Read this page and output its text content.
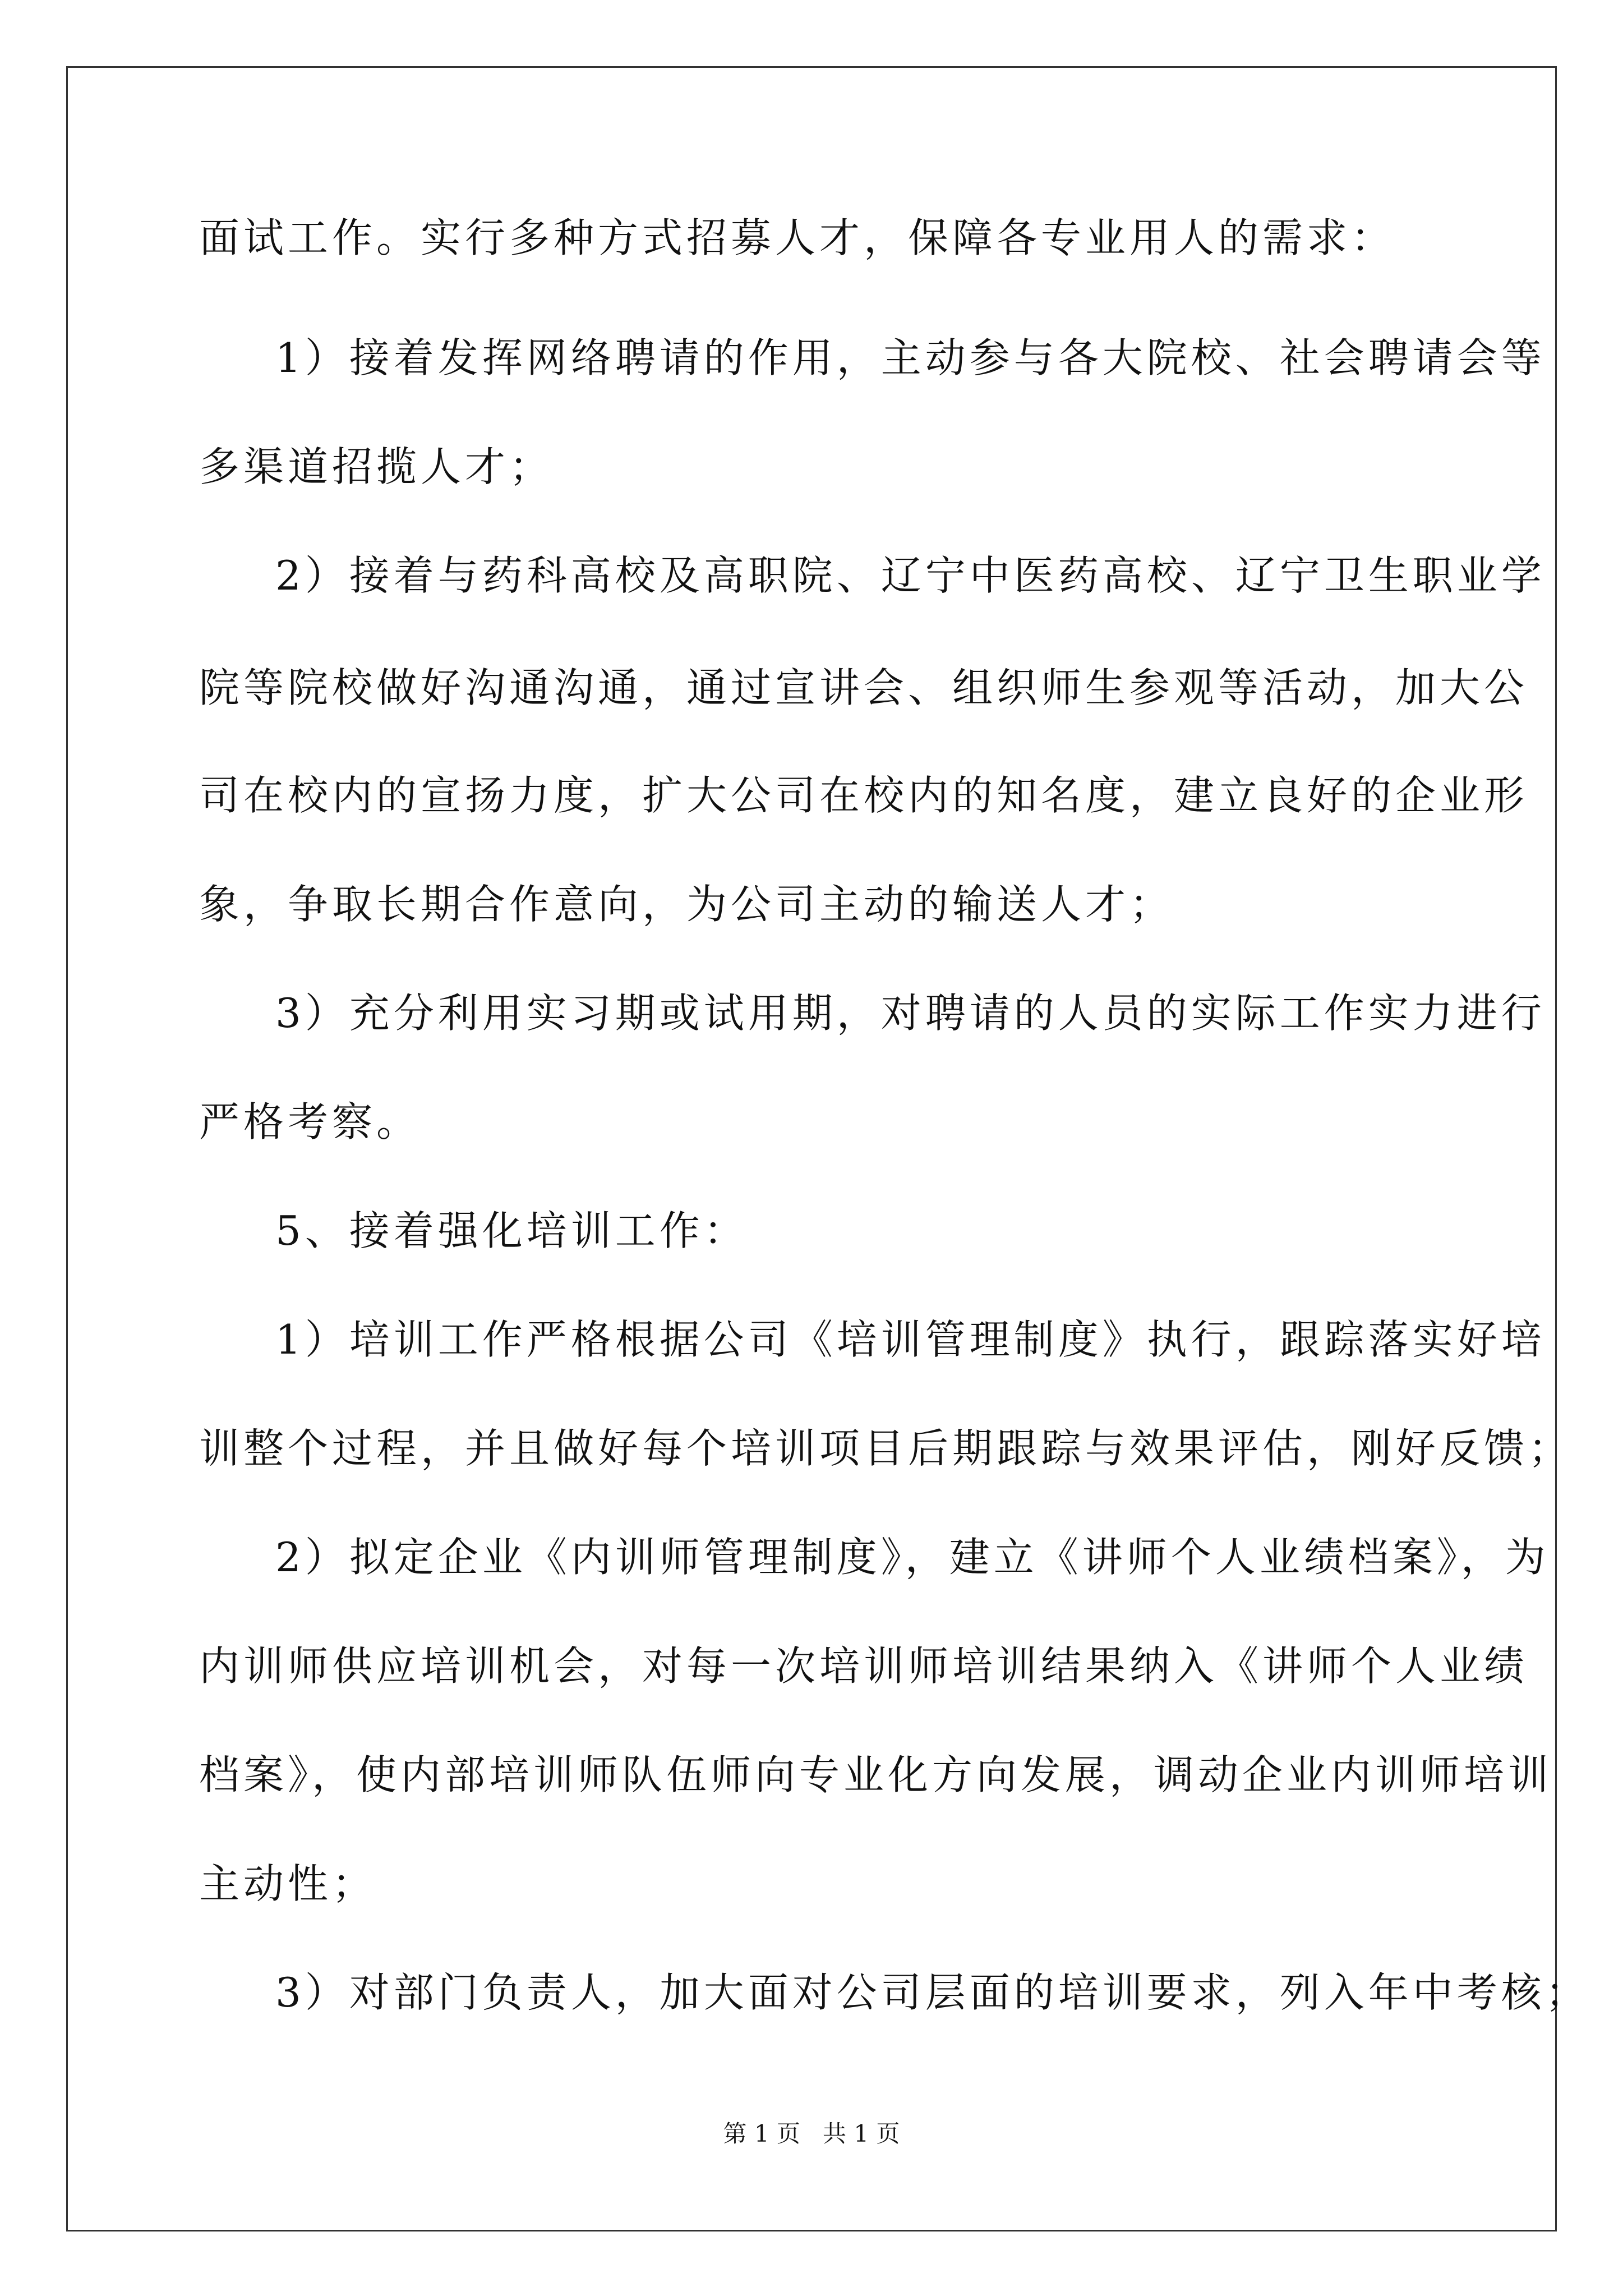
面试工作。实行多种方式招募人才，保障各专业用人的需求：

1）接着发挥网络聘请的作用，主动参与各大院校、社会聘请会等

多渠道招揽人才；

2）接着与药科高校及高职院、辽宁中医药高校、辽宁卫生职业学

院等院校做好沟通沟通，通过宣讲会、组织师生参观等活动，加大公

司在校内的宣扬力度，扩大公司在校内的知名度，建立良好的企业形

象，争取长期合作意向，为公司主动的输送人才；

3）充分利用实习期或试用期，对聘请的人员的实际工作实力进行

严格考察。

5、接着强化培训工作：

1）培训工作严格根据公司《培训管理制度》执行，跟踪落实好培

训整个过程，并且做好每个培训项目后期跟踪与效果评估，刚好反馈；

2）拟定企业《内训师管理制度》，建立《讲师个人业绩档案》，为

内训师供应培训机会，对每一次培训师培训结果纳入《讲师个人业绩

档案》，使内部培训师队伍师向专业化方向发展，调动企业内训师培训

主动性；

3）对部门负责人，加大面对公司层面的培训要求，列入年中考核；

第 1 页   共 1 页
